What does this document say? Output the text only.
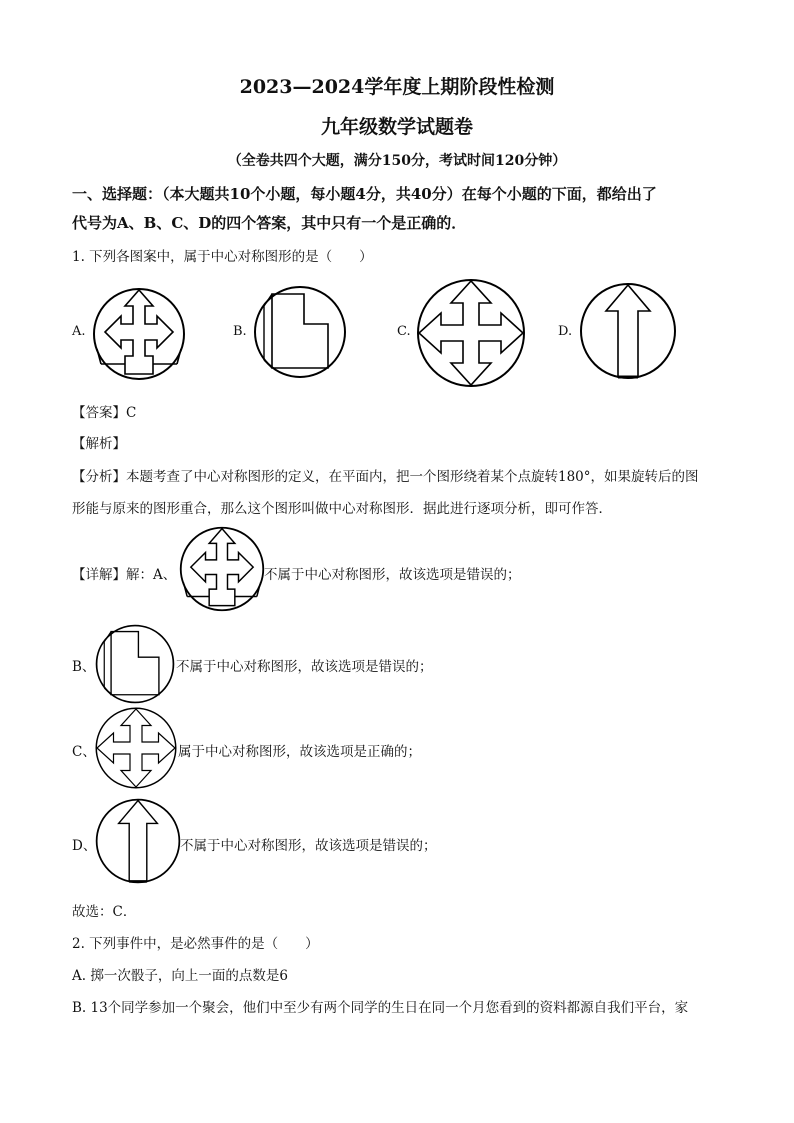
2023—2024学年度上期阶段性检测
九年级数学试题卷
（全卷共四个大题，满分150分，考试时间120分钟）
一、选择题：（本大题共10个小题，每小题4分，共40分）在每个小题的下面，都给出了
代号为A、B、C、D的四个答案，其中只有一个是正确的．
1. 下列各图案中，属于中心对称图形的是（　　）
A.	B.	C.	D.
【答案】C
【解析】
【分析】本题考查了中心对称图形的定义，在平面内，把一个图形绕着某个点旋转180°，如果旋转后的图
形能与原来的图形重合，那么这个图形叫做中心对称图形．据此进行逐项分析，即可作答．
【详解】解：A、	不属于中心对称图形，故该选项是错误的；
B、	不属于中心对称图形，故该选项是错误的；
C、	属于中心对称图形，故该选项是正确的；
D、	不属于中心对称图形，故该选项是错误的；
故选：C．
2. 下列事件中，是必然事件的是（　　）
A. 掷一次骰子，向上一面的点数是6
B. 13个同学参加一个聚会，他们中至少有两个同学的生日在同一个月您看到的资料都源自我们平台，家
